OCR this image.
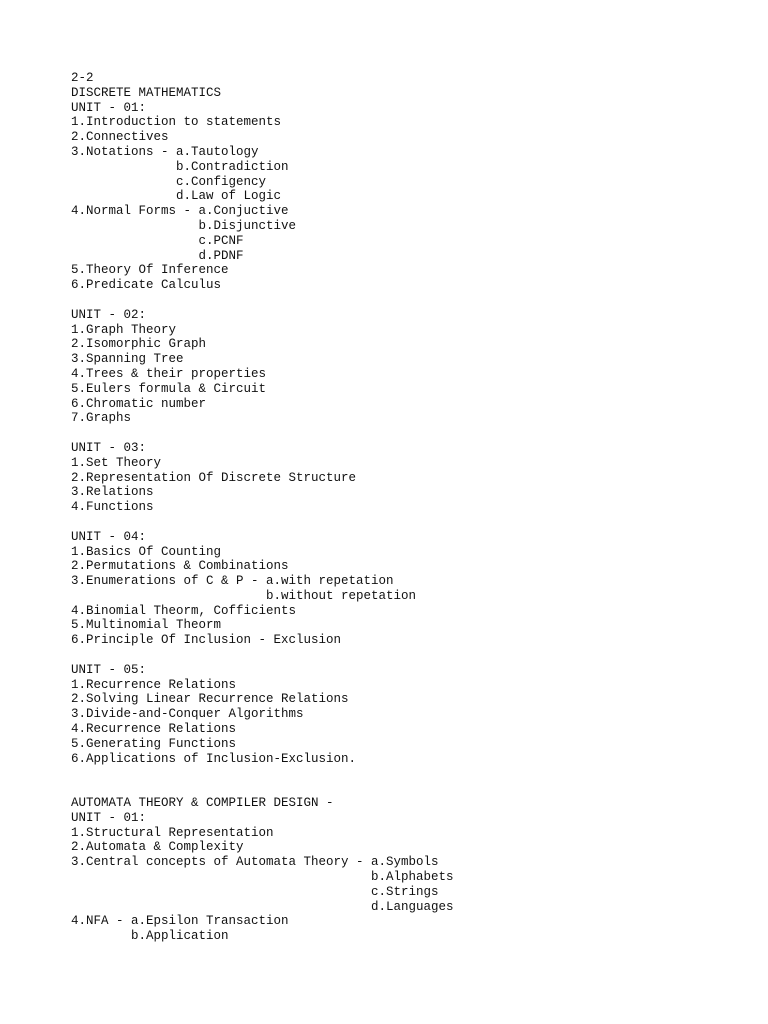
2-2
DISCRETE MATHEMATICS
UNIT - 01:
1.Introduction to statements
2.Connectives
3.Notations - a.Tautology
b.Contradiction
c.Configency
d.Law of Logic
4.Normal Forms - a.Conjuctive
b.Disjunctive
c.PCNF
d.PDNF
5.Theory Of Inference
6.Predicate Calculus
UNIT - 02:
1.Graph Theory
2.Isomorphic Graph
3.Spanning Tree
4.Trees & their properties
5.Eulers formula & Circuit
6.Chromatic number
7.Graphs
UNIT - 03:
1.Set Theory
2.Representation Of Discrete Structure
3.Relations
4.Functions
UNIT - 04:
1.Basics Of Counting
2.Permutations & Combinations
3.Enumerations of C & P - a.with repetation
b.without repetation
4.Binomial Theorm, Cofficients
5.Multinomial Theorm
6.Principle Of Inclusion - Exclusion
UNIT - 05:
1.Recurrence Relations
2.Solving Linear Recurrence Relations
3.Divide-and-Conquer Algorithms
4.Recurrence Relations
5.Generating Functions
6.Applications of Inclusion-Exclusion.
AUTOMATA THEORY & COMPILER DESIGN -
UNIT - 01:
1.Structural Representation
2.Automata & Complexity
3.Central concepts of Automata Theory - a.Symbols
b.Alphabets
c.Strings
d.Languages
4.NFA - a.Epsilon Transaction
b.Application
